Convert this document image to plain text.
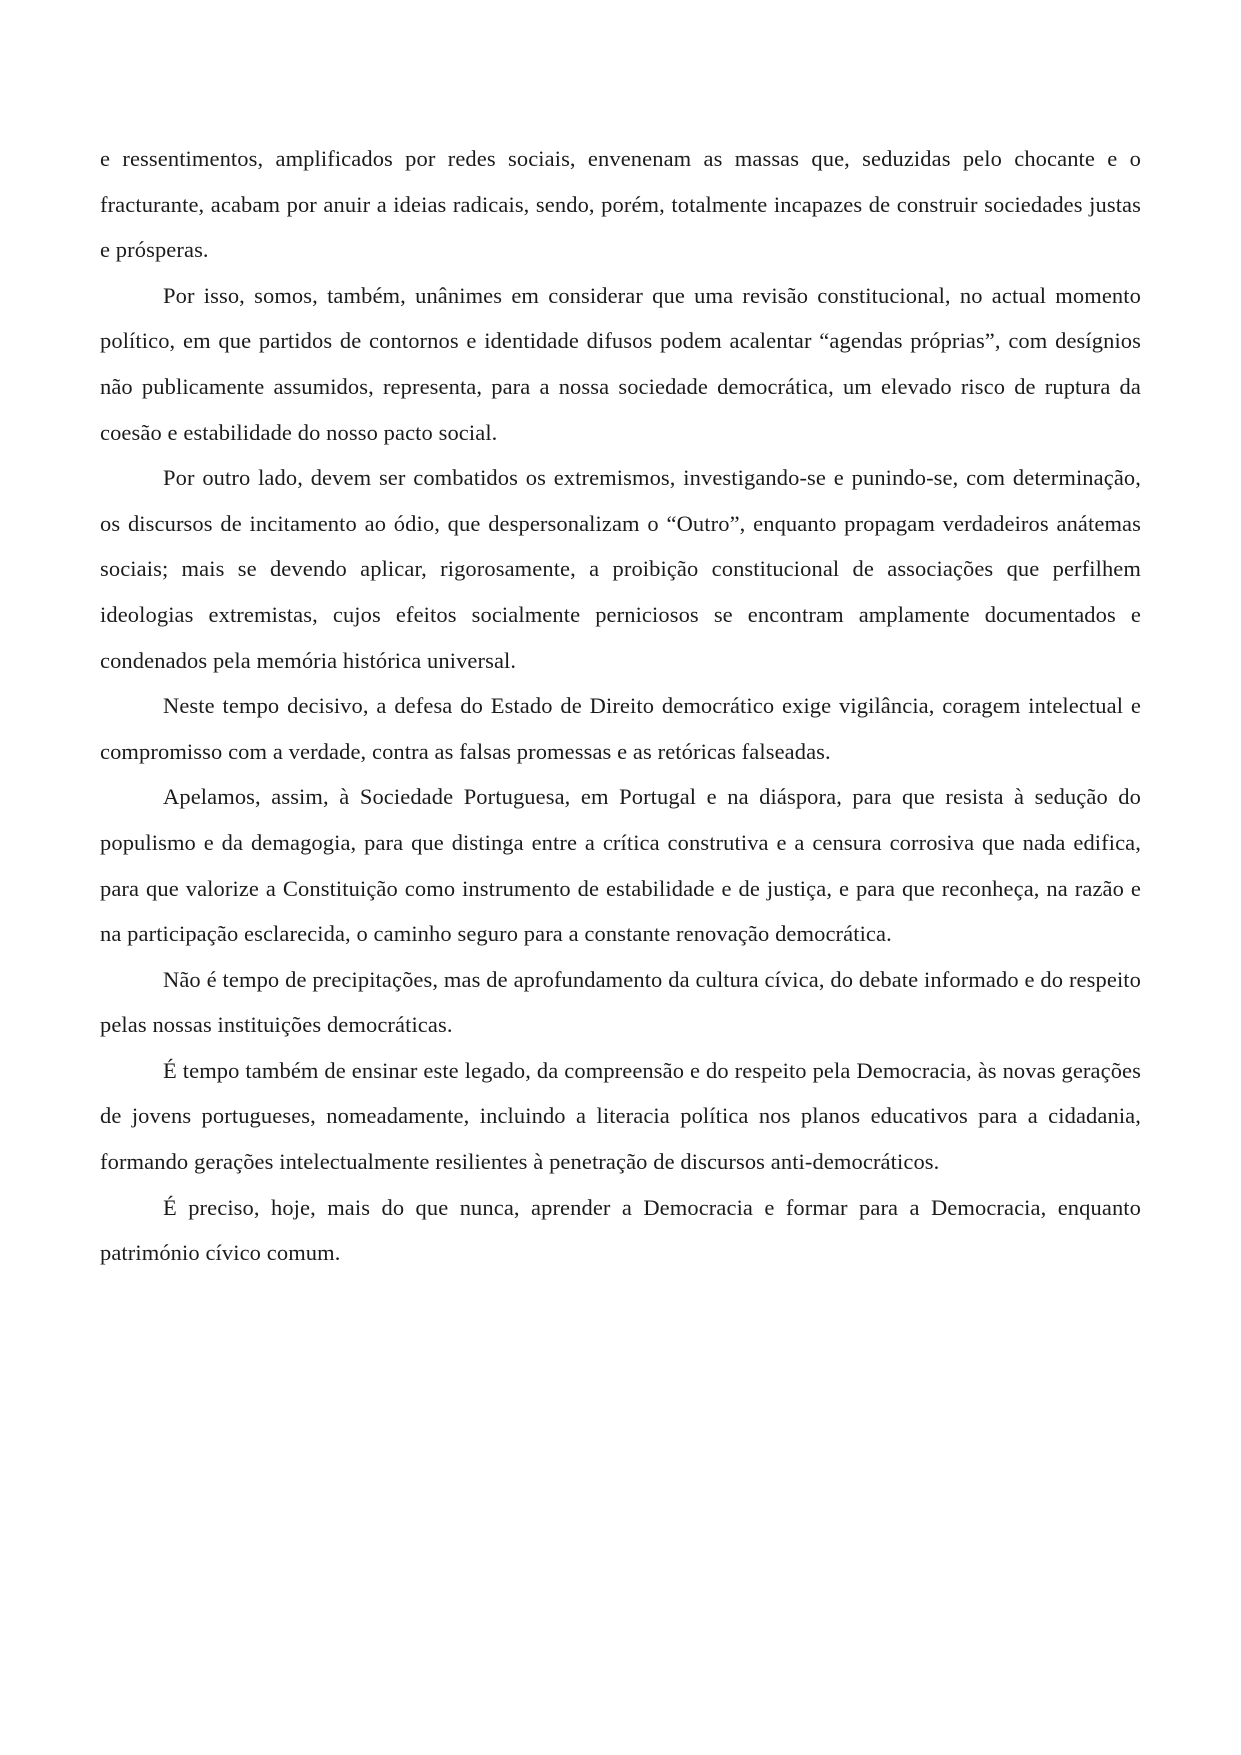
e ressentimentos, amplificados por redes sociais, envenenam as massas que, seduzidas pelo chocante e o fracturante, acabam por anuir a ideias radicais, sendo, porém, totalmente incapazes de construir sociedades justas e prósperas.

Por isso, somos, também, unânimes em considerar que uma revisão constitucional, no actual momento político, em que partidos de contornos e identidade difusos podem acalentar “agendas próprias”, com desígnios não publicamente assumidos, representa, para a nossa sociedade democrática, um elevado risco de ruptura da coesão e estabilidade do nosso pacto social.

Por outro lado, devem ser combatidos os extremismos, investigando-se e punindo-se, com determinação, os discursos de incitamento ao ódio, que despersonalizam o “Outro”, enquanto propagam verdadeiros anátemas sociais; mais se devendo aplicar, rigorosamente, a proibição constitucional de associações que perfilhem ideologias extremistas, cujos efeitos socialmente perniciosos se encontram amplamente documentados e condenados pela memória histórica universal.

Neste tempo decisivo, a defesa do Estado de Direito democrático exige vigilância, coragem intelectual e compromisso com a verdade, contra as falsas promessas e as retóricas falseadas.

Apelamos, assim, à Sociedade Portuguesa, em Portugal e na diáspora, para que resista à sedução do populismo e da demagogia, para que distinga entre a crítica construtiva e a censura corrosiva que nada edifica, para que valorize a Constituição como instrumento de estabilidade e de justiça, e para que reconheça, na razão e na participação esclarecida, o caminho seguro para a constante renovação democrática.

Não é tempo de precipitações, mas de aprofundamento da cultura cívica, do debate informado e do respeito pelas nossas instituições democráticas.

É tempo também de ensinar este legado, da compreensão e do respeito pela Democracia, às novas gerações de jovens portugueses, nomeadamente, incluindo a literacia política nos planos educativos para a cidadania, formando gerações intelectualmente resilientes à penetração de discursos anti-democráticos.

É preciso, hoje, mais do que nunca, aprender a Democracia e formar para a Democracia, enquanto património cívico comum.
